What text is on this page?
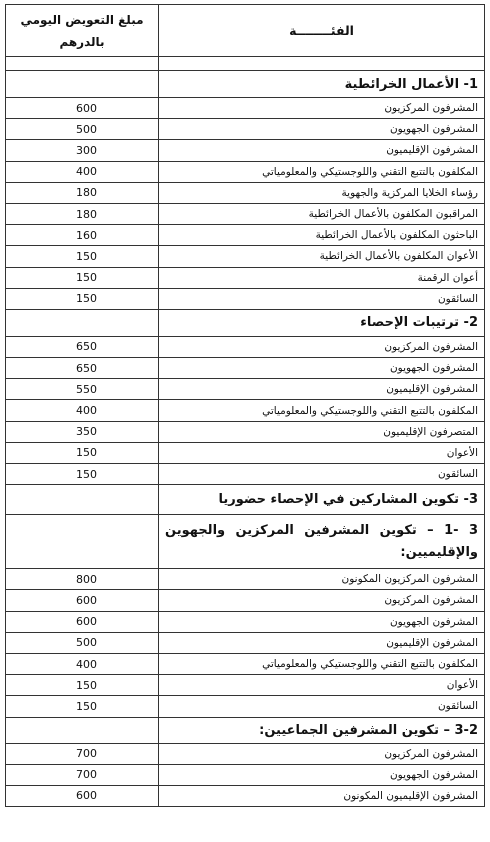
الفئــــــــة	مبلغ التعويض اليومي بالدرهم

1- الأعمال الخرائطية	
المشرفون المركزيون	600
المشرفون الجهويون	500
المشرفون الإقليميون	300
المكلفون بالتتبع التقني واللوجستيكي والمعلومياتي	400
رؤساء الخلايا المركزية والجهوية	180
المراقبون المكلفون بالأعمال الخرائطية	180
الباحثون المكلفون بالأعمال الخرائطية	160
الأعوان المكلفون بالأعمال الخرائطية	150
أعوان الرقمنة	150
السائقون	150
2- ترتيبات الإحصاء	
المشرفون المركزيون	650
المشرفون الجهويون	650
المشرفون الإقليميون	550
المكلفون بالتتبع التقني واللوجستيكي والمعلومياتي	400
المتصرفون الإقليميون	350
الأعوان	150
السائقون	150
3- تكوين المشاركين في الإحصاء حضوريا	
3 -1 – تكوين المشرفين المركزين والجهوين والإقليميين:	
المشرفون المركزيون المكونون	800
المشرفون المركزيون	600
المشرفون الجهويون	600
المشرفون الإقليميون	500
المكلفون بالتتبع التقني واللوجستيكي والمعلومياتي	400
الأعوان	150
السائقون	150
3-2 – تكوين المشرفين الجماعيين:	
المشرفون المركزيون	700
المشرفون الجهويون	700
المشرفون الإقليميون المكونون	600
